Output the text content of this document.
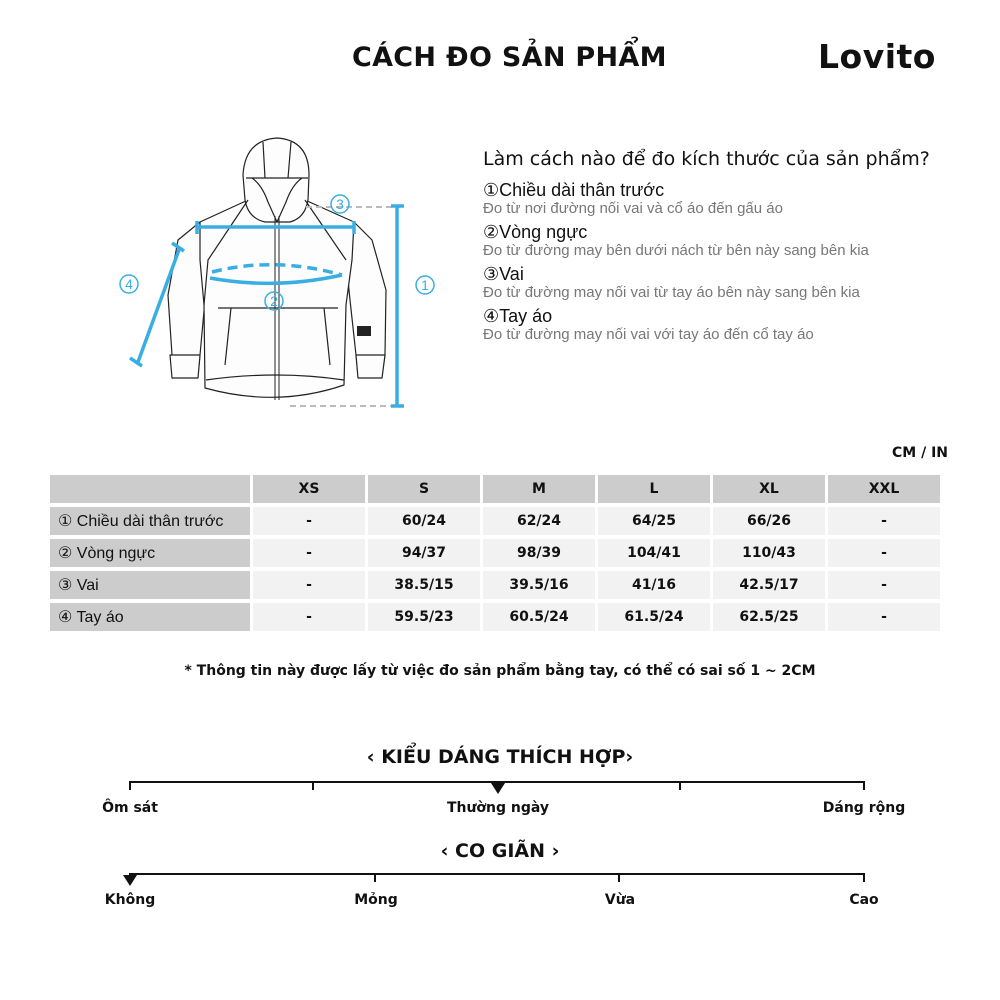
CÁCH ĐO SẢN PHẨM	Lovito
3
2
1
4
Làm cách nào để đo kích thước của sản phẩm?
①Chiều dài thân trước
Đo từ nơi đường nối vai và cổ áo đến gấu áo
②Vòng ngực
Đo từ đường may bên dưới nách từ bên này sang bên kia
③Vai
Đo từ đường may nối vai từ tay áo bên này sang bên kia
④Tay áo
Đo từ đường may nối vai với tay áo đến cổ tay áo
CM / IN
	XS	S	M	L	XL	XXL
① Chiều dài thân trước	-	60/24	62/24	64/25	66/26	-
② Vòng ngực	-	94/37	98/39	104/41	110/43	-
③ Vai	-	38.5/15	39.5/16	41/16	42.5/17	-
④ Tay áo	-	59.5/23	60.5/24	61.5/24	62.5/25	-
* Thông tin này được lấy từ việc đo sản phẩm bằng tay, có thể có sai số 1 ~ 2CM
‹ KIỂU DÁNG THÍCH HỢP›
Ôm sát	Thường ngày	Dáng rộng
‹ CO GIÃN ›
Không	Mỏng	Vừa	Cao
